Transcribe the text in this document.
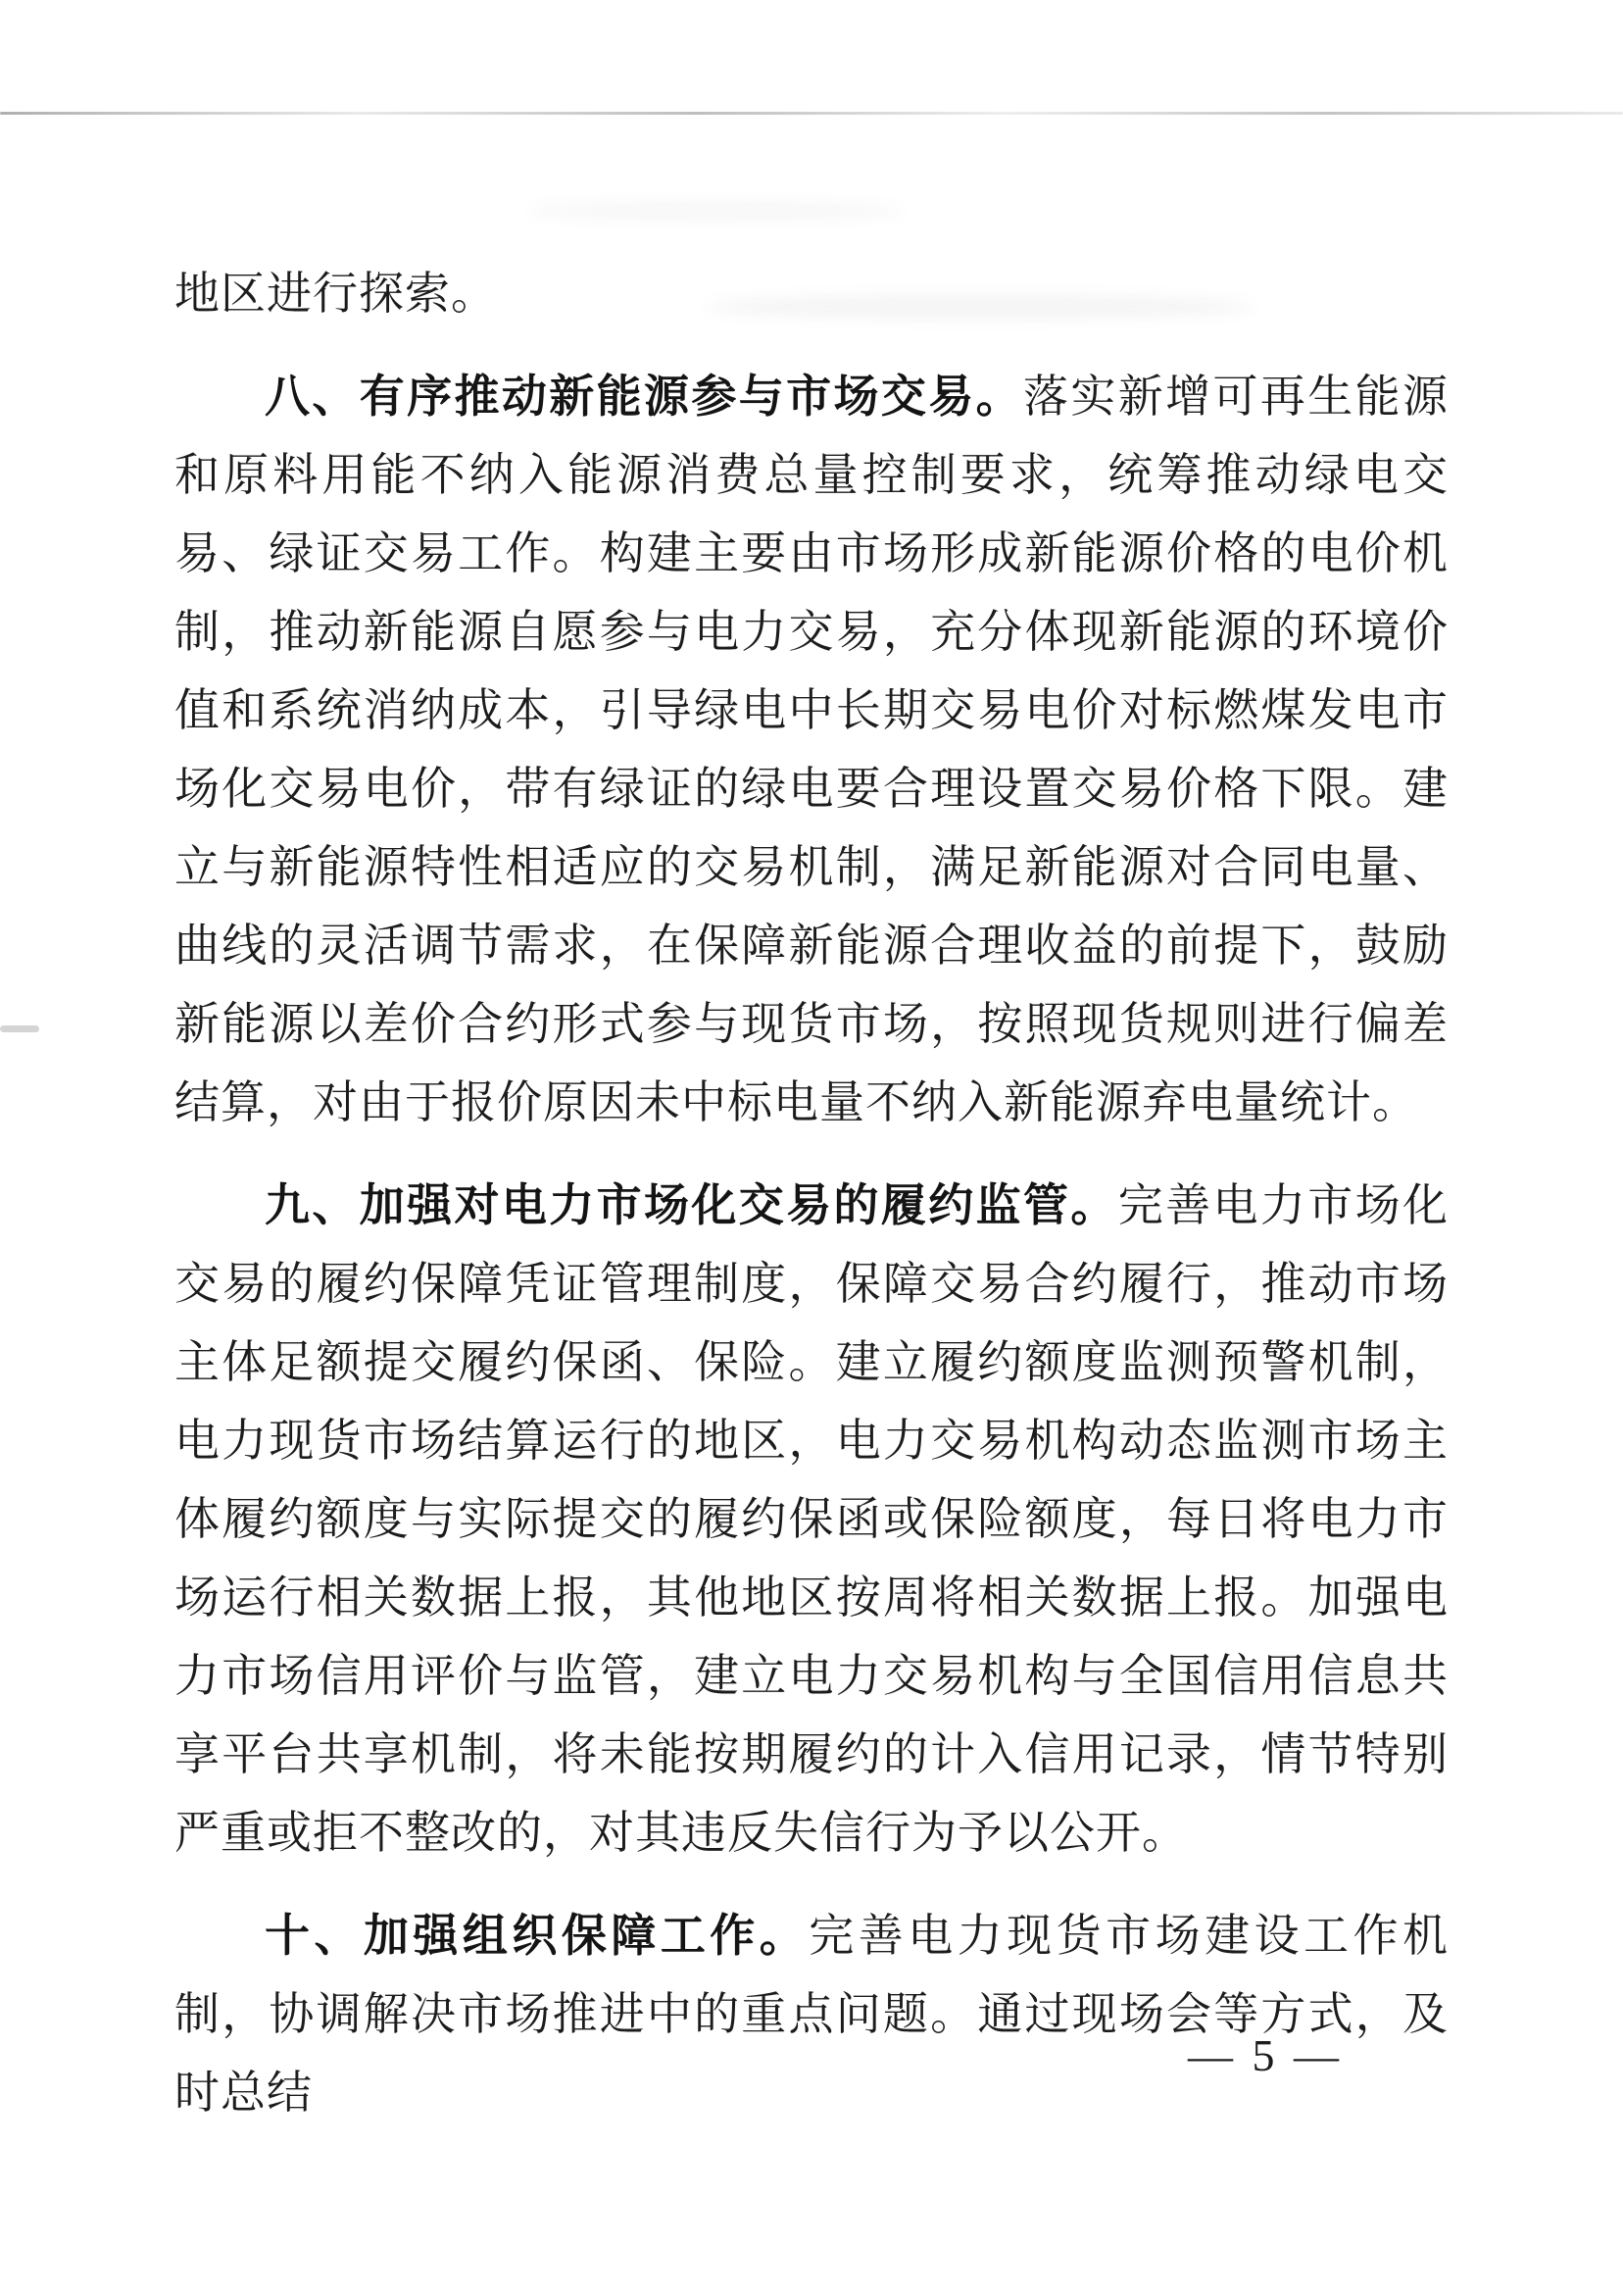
地区进行探索。

八、有序推动新能源参与市场交易。落实新增可再生能源和原料用能不纳入能源消费总量控制要求，统筹推动绿电交易、绿证交易工作。构建主要由市场形成新能源价格的电价机制，推动新能源自愿参与电力交易，充分体现新能源的环境价值和系统消纳成本，引导绿电中长期交易电价对标燃煤发电市场化交易电价，带有绿证的绿电要合理设置交易价格下限。建立与新能源特性相适应的交易机制，满足新能源对合同电量、曲线的灵活调节需求，在保障新能源合理收益的前提下，鼓励新能源以差价合约形式参与现货市场，按照现货规则进行偏差结算，对由于报价原因未中标电量不纳入新能源弃电量统计。

九、加强对电力市场化交易的履约监管。完善电力市场化交易的履约保障凭证管理制度，保障交易合约履行，推动市场主体足额提交履约保函、保险。建立履约额度监测预警机制，电力现货市场结算运行的地区，电力交易机构动态监测市场主体履约额度与实际提交的履约保函或保险额度，每日将电力市场运行相关数据上报，其他地区按周将相关数据上报。加强电力市场信用评价与监管，建立电力交易机构与全国信用信息共享平台共享机制，将未能按期履约的计入信用记录，情节特别严重或拒不整改的，对其违反失信行为予以公开。

十、加强组织保障工作。完善电力现货市场建设工作机制，协调解决市场推进中的重点问题。通过现场会等方式，及时总结

— 5 —
